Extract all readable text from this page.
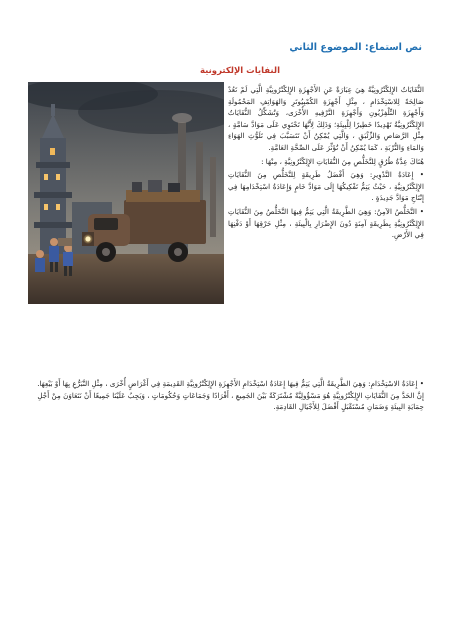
نص استماع: الموضوع الثاني
النفايات الإلكترونية

النُّفَايَاتُ الإِلِكْتْرُونِيَّةُ هِيَ عِبَارَةٌ عَنِ الأَجْهِزَةِ الإِلِكْتْرُونِيَّةِ الَّتِي لَمْ تَعُدْ صَالِحَةً لِلاسْتِخْدَامِ ، مِثْلِ أَجْهِزَةِ الكُمْبِيُوتَرِ وَالهَوَاتِفِ المَحْمُولَةِ وَأَجْهِزَةِ التِّلْفِزْيُونِ وَأَجْهِزَةِ التَّرْفِيهِ الأُخْرَى، وَتُشَكِّلُ النُّفَايَاتُ الإِلِكْتْرُونِيَّةُ تَهْدِيدًا خَطِيرًا لِلْبِيئَةِ؛ وَذَلِكَ لِأَنَّهَا تَحْتَوِي عَلَى مَوَادَّ سَامَّةٍ ، مِثْلِ الرَّصَاصِ وَالزِّئْبَقِ ، وَالَّتِي يُمْكِنُ أَنْ تَتَسَبَّبَ فِي تَلَوُّثِ الهَوَاءِ وَالمَاءِ وَالتُّرْبَةِ ، كَمَا يُمْكِنُ أَنْ تُؤَثِّرَ عَلَى الصِّحَّةِ العَامَّةِ.

هُنَاكَ عِدَّةُ طُرُقٍ لِلتَّخَلُّصِ مِنَ النُّفَايَاتِ الإِلِكْتْرُونِيَّةِ ، مِنْهَا :

• إِعَادَةُ التَّدْوِيرِ: وَهِيَ أَفْضَلُ طَرِيقَةٍ لِلتَّخَلُّصِ مِنَ النُّفَايَاتِ الإِلِكْتْرُونِيَّةِ ، حَيْثُ يَتِمُّ تَفْكِيكُهَا إِلَى مَوَادَّ خَامٍ وَإِعَادَةُ اسْتِخْدَامِهَا فِي إِنْتَاجِ مَوَادَّ جَدِيدَةٍ .

• التَّخَلُّصُ الآمِنُ: وَهِيَ الطَّرِيقَةُ الَّتِي يَتِمُّ فِيهَا التَّخَلُّصُ مِنَ النُّفَايَاتِ الإِلِكْتْرُونِيَّةِ بِطَرِيقَةٍ آمِنَةٍ دُونَ الإِضْرَارِ بِالْبِيئَةِ ، مِثْلِ حَرْقِهَا أَوْ دَفْنِهَا فِي الأَرْضِ.

• إِعَادَةُ الاسْتِخْدَامِ: وَهِيَ الطَّرِيقَةُ الَّتِي يَتِمُّ فِيهَا إِعَادَةُ اسْتِخْدَامِ الأَجْهِزَةِ الإِلِكْتْرُونِيَّةِ القَدِيمَةِ فِي أَغْرَاضٍ أُخْرَى ، مِثْلِ التَّبَرُّعِ بِهَا أَوْ بَيْعِهَا.

إِنَّ الحَدَّ مِنَ النُّفَايَاتِ الإِلِكْتْرُونِيَّةِ هُوَ مَسْؤُولِيَّةٌ مُشْتَرَكَةٌ بَيْنَ الجَمِيعِ ، أَفْرَادًا وَجَمَاعَاتٍ وَحُكُومَاتٍ ، وَيَجِبُ عَلَيْنَا جَمِيعًا أَنْ نَتَعَاوَنَ مِنْ أَجْلِ حِمَايَةِ البِيئَةِ وَضَمَانِ مُسْتَقْبَلٍ أَفْضَلَ لِلأَجْيَالِ القَادِمَةِ.
